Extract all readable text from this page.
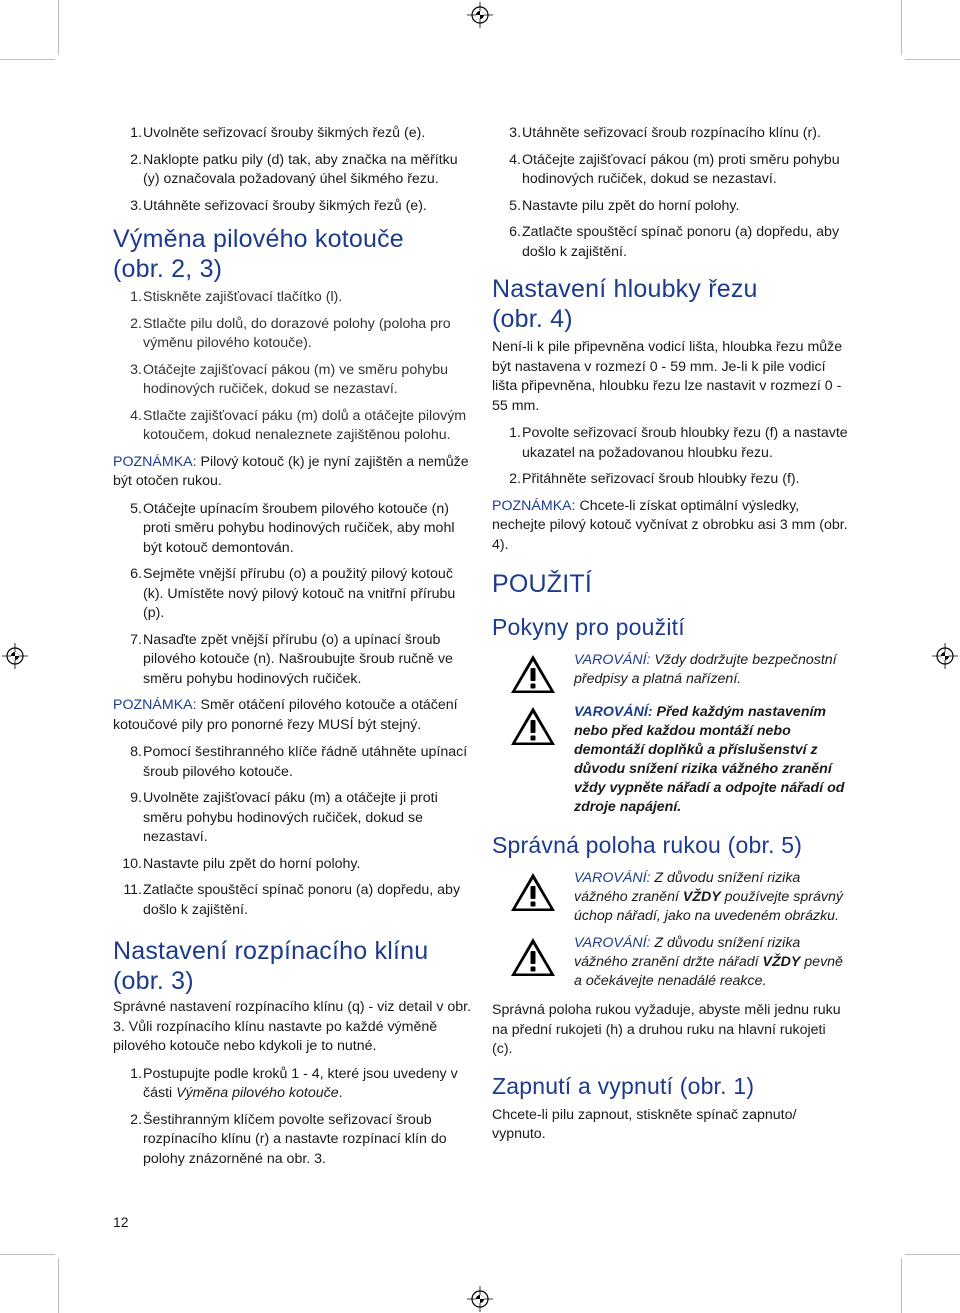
1. Uvolněte seřizovací šrouby šikmých řezů (e).
2. Naklopte patku pily (d) tak, aby značka na měřítku (y) označovala požadovaný úhel šikmého řezu.
3. Utáhněte seřizovací šrouby šikmých řezů (e).
Výměna pilového kotouče
(obr. 2, 3)
1. Stiskněte zajišťovací tlačítko (l).
2. Stlačte pilu dolů, do dorazové polohy (poloha pro výměnu pilového kotouče).
3. Otáčejte zajišťovací pákou (m) ve směru pohybu hodinových ručiček, dokud se nezastaví.
4. Stlačte zajišťovací páku (m) dolů a otáčejte pilovým kotoučem, dokud nenaleznete zajištěnou polohu.

POZNÁMKA: Pilový kotouč (k) je nyní zajištěn a nemůže být otočen rukou.

5. Otáčejte upínacím šroubem pilového kotouče (n) proti směru pohybu hodinových ručiček, aby mohl být kotouč demontován.
6. Sejměte vnější přírubu (o) a použitý pilový kotouč (k). Umístěte nový pilový kotouč na vnitřní přírubu (p).
7. Nasaďte zpět vnější přírubu (o) a upínací šroub pilového kotouče (n). Našroubujte šroub ručně ve směru pohybu hodinových ručiček.

POZNÁMKA: Směr otáčení pilového kotouče a otáčení kotoučové pily pro ponorné řezy MUSÍ být stejný.

8. Pomocí šestihranného klíče řádně utáhněte upínací šroub pilového kotouče.
9. Uvolněte zajišťovací páku (m) a otáčejte ji proti směru pohybu hodinových ručiček, dokud se nezastaví.
10. Nastavte pilu zpět do horní polohy.
11. Zatlačte spouštěcí spínač ponoru (a) dopředu, aby došlo k zajištění.
Nastavení rozpínacího klínu
(obr. 3)

Správné nastavení rozpínacího klínu (q) - viz detail v obr. 3. Vůli rozpínacího klínu nastavte po každé výměně pilového kotouče nebo kdykoli je to nutné.

1. Postupujte podle kroků 1 - 4, které jsou uvedeny v části Výměna pilového kotouče.
2. Šestihranným klíčem povolte seřizovací šroub rozpínacího klínu (r) a nastavte rozpínací klín do polohy znázorněné na obr. 3.
3. Utáhněte seřizovací šroub rozpínacího klínu (r).
4. Otáčejte zajišťovací pákou (m) proti směru pohybu hodinových ručiček, dokud se nezastaví.
5. Nastavte pilu zpět do horní polohy.
6. Zatlačte spouštěcí spínač ponoru (a) dopředu, aby došlo k zajištění.
Nastavení hloubky řezu
(obr. 4)

Není-li k pile připevněna vodicí lišta, hloubka řezu může být nastavena v rozmezí 0 - 59 mm. Je-li k pile vodicí lišta připevněna, hloubku řezu lze nastavit v rozmezí 0 - 55 mm.

1. Povolte seřizovací šroub hloubky řezu (f) a nastavte ukazatel na požadovanou hloubku řezu.
2. Přitáhněte seřizovací šroub hloubky řezu (f).

POZNÁMKA: Chcete-li získat optimální výsledky, nechejte pilový kotouč vyčnívat z obrobku asi 3 mm (obr. 4).

POUŽITÍ
Pokyny pro použití
VAROVÁNÍ: Vždy dodržujte bezpečnostní předpisy a platná nařízení.
VAROVÁNÍ: Před každým nastavením nebo před každou montáží nebo demontáží doplňků a příslušenství z důvodu snížení rizika vážného zranění vždy vypněte nářadí a odpojte nářadí od zdroje napájení.
Správná poloha rukou (obr. 5)
VAROVÁNÍ: Z důvodu snížení rizika vážného zranění VŽDY používejte správný úchop nářadí, jako na uvedeném obrázku.
VAROVÁNÍ: Z důvodu snížení rizika vážného zranění držte nářadí VŽDY pevně a očekávejte nenadálé reakce.

Správná poloha rukou vyžaduje, abyste měli jednu ruku na přední rukojeti (h) a druhou ruku na hlavní rukojeti (c).

Zapnutí a vypnutí (obr. 1)

Chcete-li pilu zapnout, stiskněte spínač zapnuto/ vypnuto.

12
